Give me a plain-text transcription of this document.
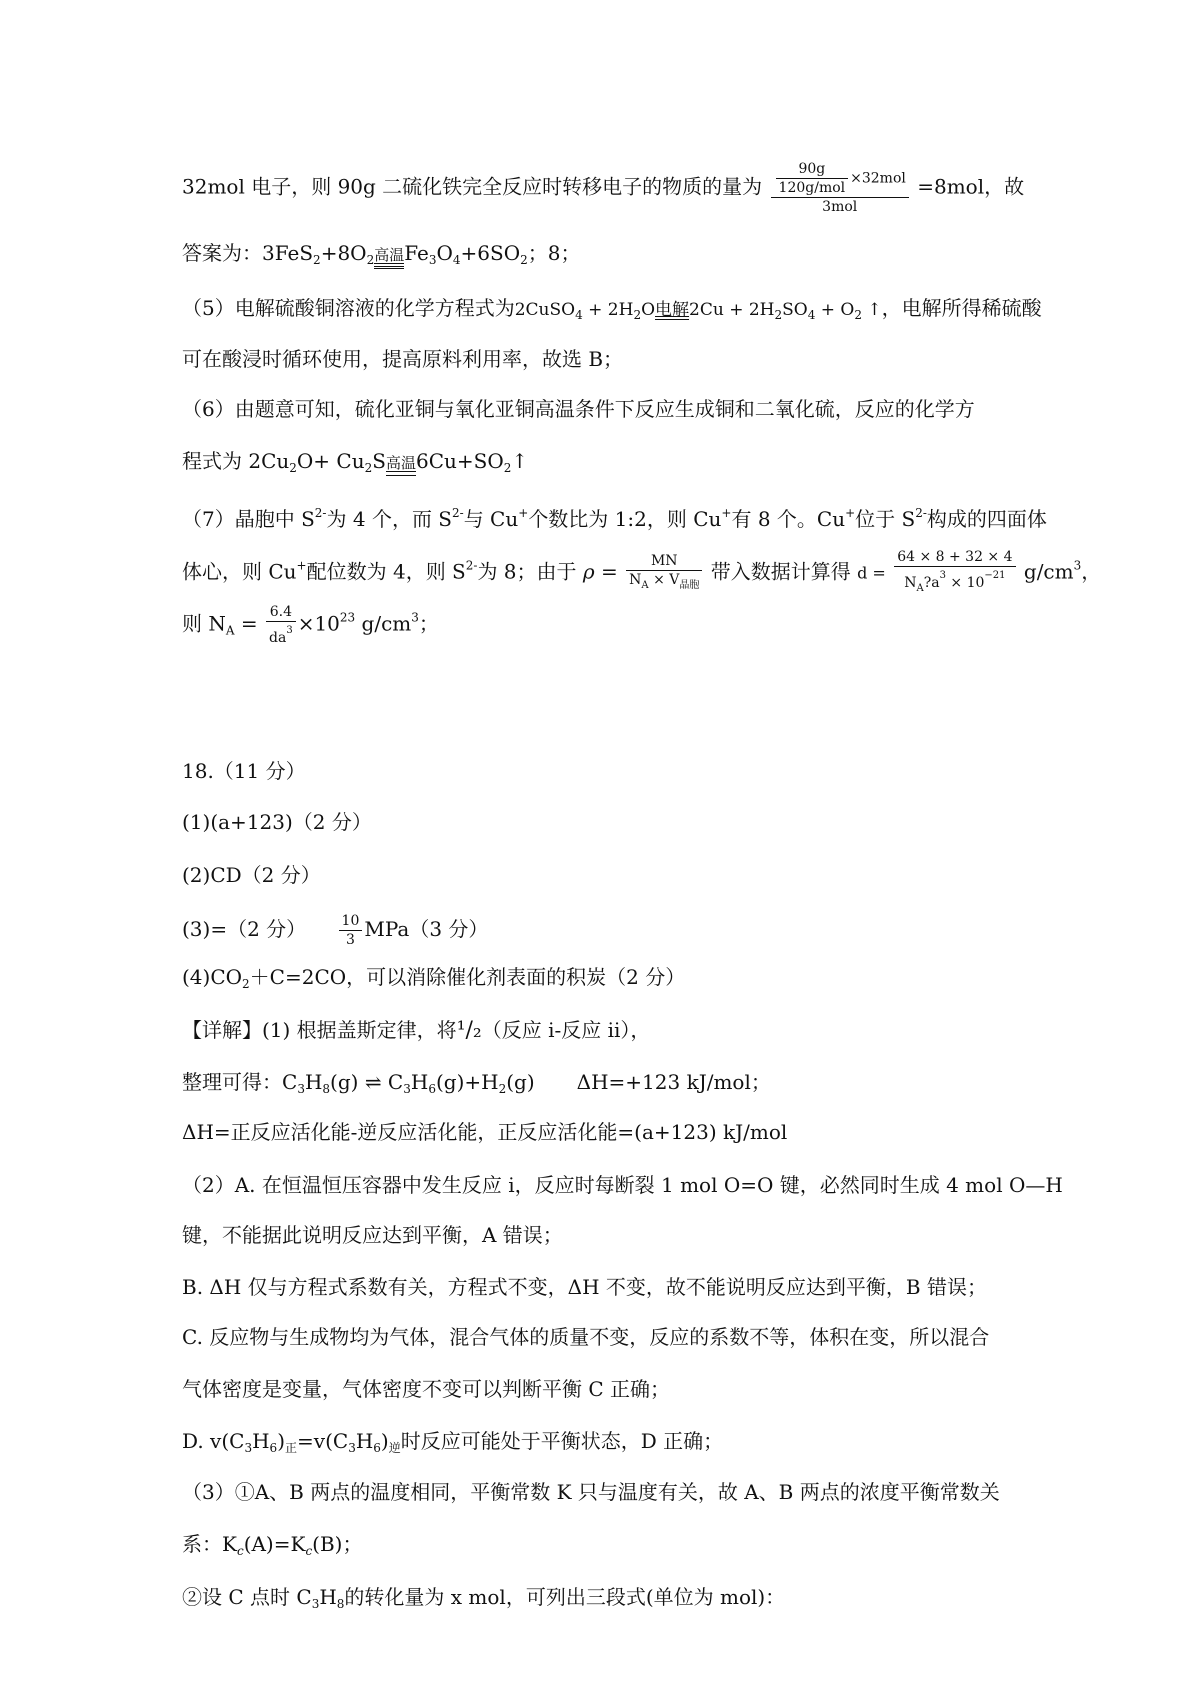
32mol 电子，则 90g 二硫化铁完全反应时转移电子的物质的量为 $\frac{\frac{90g}{\text{120g/mol}} \times 32mol}{\text{3mol}} =8mol$，故
答案为：$3FeS_2+8O_2$ 高温 $Fe_3O_4+6SO_2$；8；
（5）电解硫酸铜溶液的化学方程式为2CuSO$_4$ + $2H_2O$电解$2Cu + 2H_2SO_4 + O_2$ ↑，电解所得稀硫酸
可在酸浸时循环使用，提高原料利用率，故选 B；
（6）由题意可知，硫化亚铜与氧化亚铜高温条件下反应生成铜和二氧化硫，反应的化学方
程式为 $2Cu_2O+ Cu_2S$ 高温 $6Cu+SO_2↑$
（7）晶胞中 $S^{2-}$为 4 个，而 $S^{2-}$与 Cu+个数比为 1:2，则 Cu+有 8 个。Cu+位于 $S^{2-}$构成的四面体
体心，则 Cu+配位数为 4，则 $S^{2-}$为 8；由于 $\rho = \frac{MN}{N_A \times V_{晶胞}}$ 带入数据计算得 $d = \frac{64 \times 8 + 32 \times 4}{N_A?a^3 \times 10^{-21}} g/cm^3$，
则 $N_A = \frac{6.4}{da^3} \times 10^{23}$ $g/cm^3$；
18.（11 分）
(1)(a+123)（2 分）
(2)CD（2 分）
(3)=（2 分） $\frac{10}{3} MPa(3$ 分）
$(4)CO_2+C=2CO$，可以消除催化剂表面的积炭（2 分）
【详解】(1) 根据盖斯定律，将¹/₂（反应 i-反应 ii），
整理可得：$C_3H_8(g)$ ⇌ $C_3H_6(g)+H_2(g)$ ΔH=+123 kJ/mol；
ΔH=正反应活化能-逆反应活化能，正反应活化能=(a+123) kJ/mol
（2）A. 在恒温恒压容器中发生反应 i，反应时每断裂 1 mol O=O 键，必然同时生成 4 mol O—H
键，不能据此说明反应达到平衡，A 错误；
B. ΔH 仅与方程式系数有关，方程式不变，ΔH 不变，故不能说明反应达到平衡，B 错误；
C. 反应物与生成物均为气体，混合气体的质量不变，反应的系数不等，体积在变，所以混合
气体密度是变量，气体密度不变可以判断平衡 C 正确；
D. $v(C_3H_6)_正=v(C_3H_6)_逆$时反应可能处于平衡状态，D 正确；
（3）①A、B 两点的温度相同，平衡常数 K 只与温度有关，故 A、B 两点的浓度平衡常数关
系：$K_c(A)=K_c(B)$；
②设 C 点时 $C_3H_8$的转化量为 x mol，可列出三段式(单位为 mol)：
